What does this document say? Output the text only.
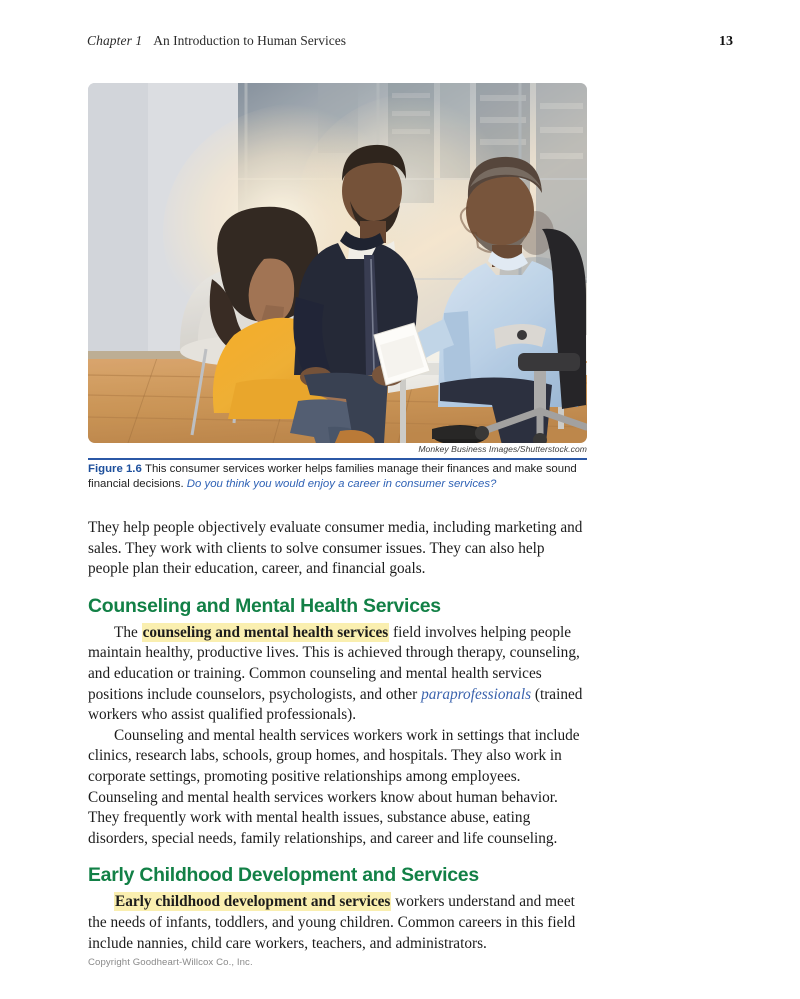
Chapter 1 An Introduction to Human Services	13
Monkey Business Images/Shutterstock.com
Figure 1.6 This consumer services worker helps families manage their finances and make sound financial decisions. Do you think you would enjoy a career in consumer services?

They help people objectively evaluate consumer media, including marketing and sales. They work with clients to solve consumer issues. They can also help people plan their education, career, and financial goals.

Counseling and Mental Health Services

The counseling and mental health services field involves helping people maintain healthy, productive lives. This is achieved through therapy, counseling, and education or training. Common counseling and mental health services positions include counselors, psychologists, and other paraprofessionals (trained workers who assist qualified professionals).

Counseling and mental health services workers work in settings that include clinics, research labs, schools, group homes, and hospitals. They also work in corporate settings, promoting positive relationships among employees. Counseling and mental health services workers know about human behavior. They frequently work with mental health issues, substance abuse, eating disorders, special needs, family relationships, and career and life counseling.

Early Childhood Development and Services

Early childhood development and services workers understand and meet the needs of infants, toddlers, and young children. Common careers in this field include nannies, child care workers, teachers, and administrators.

Copyright Goodheart-Willcox Co., Inc.
